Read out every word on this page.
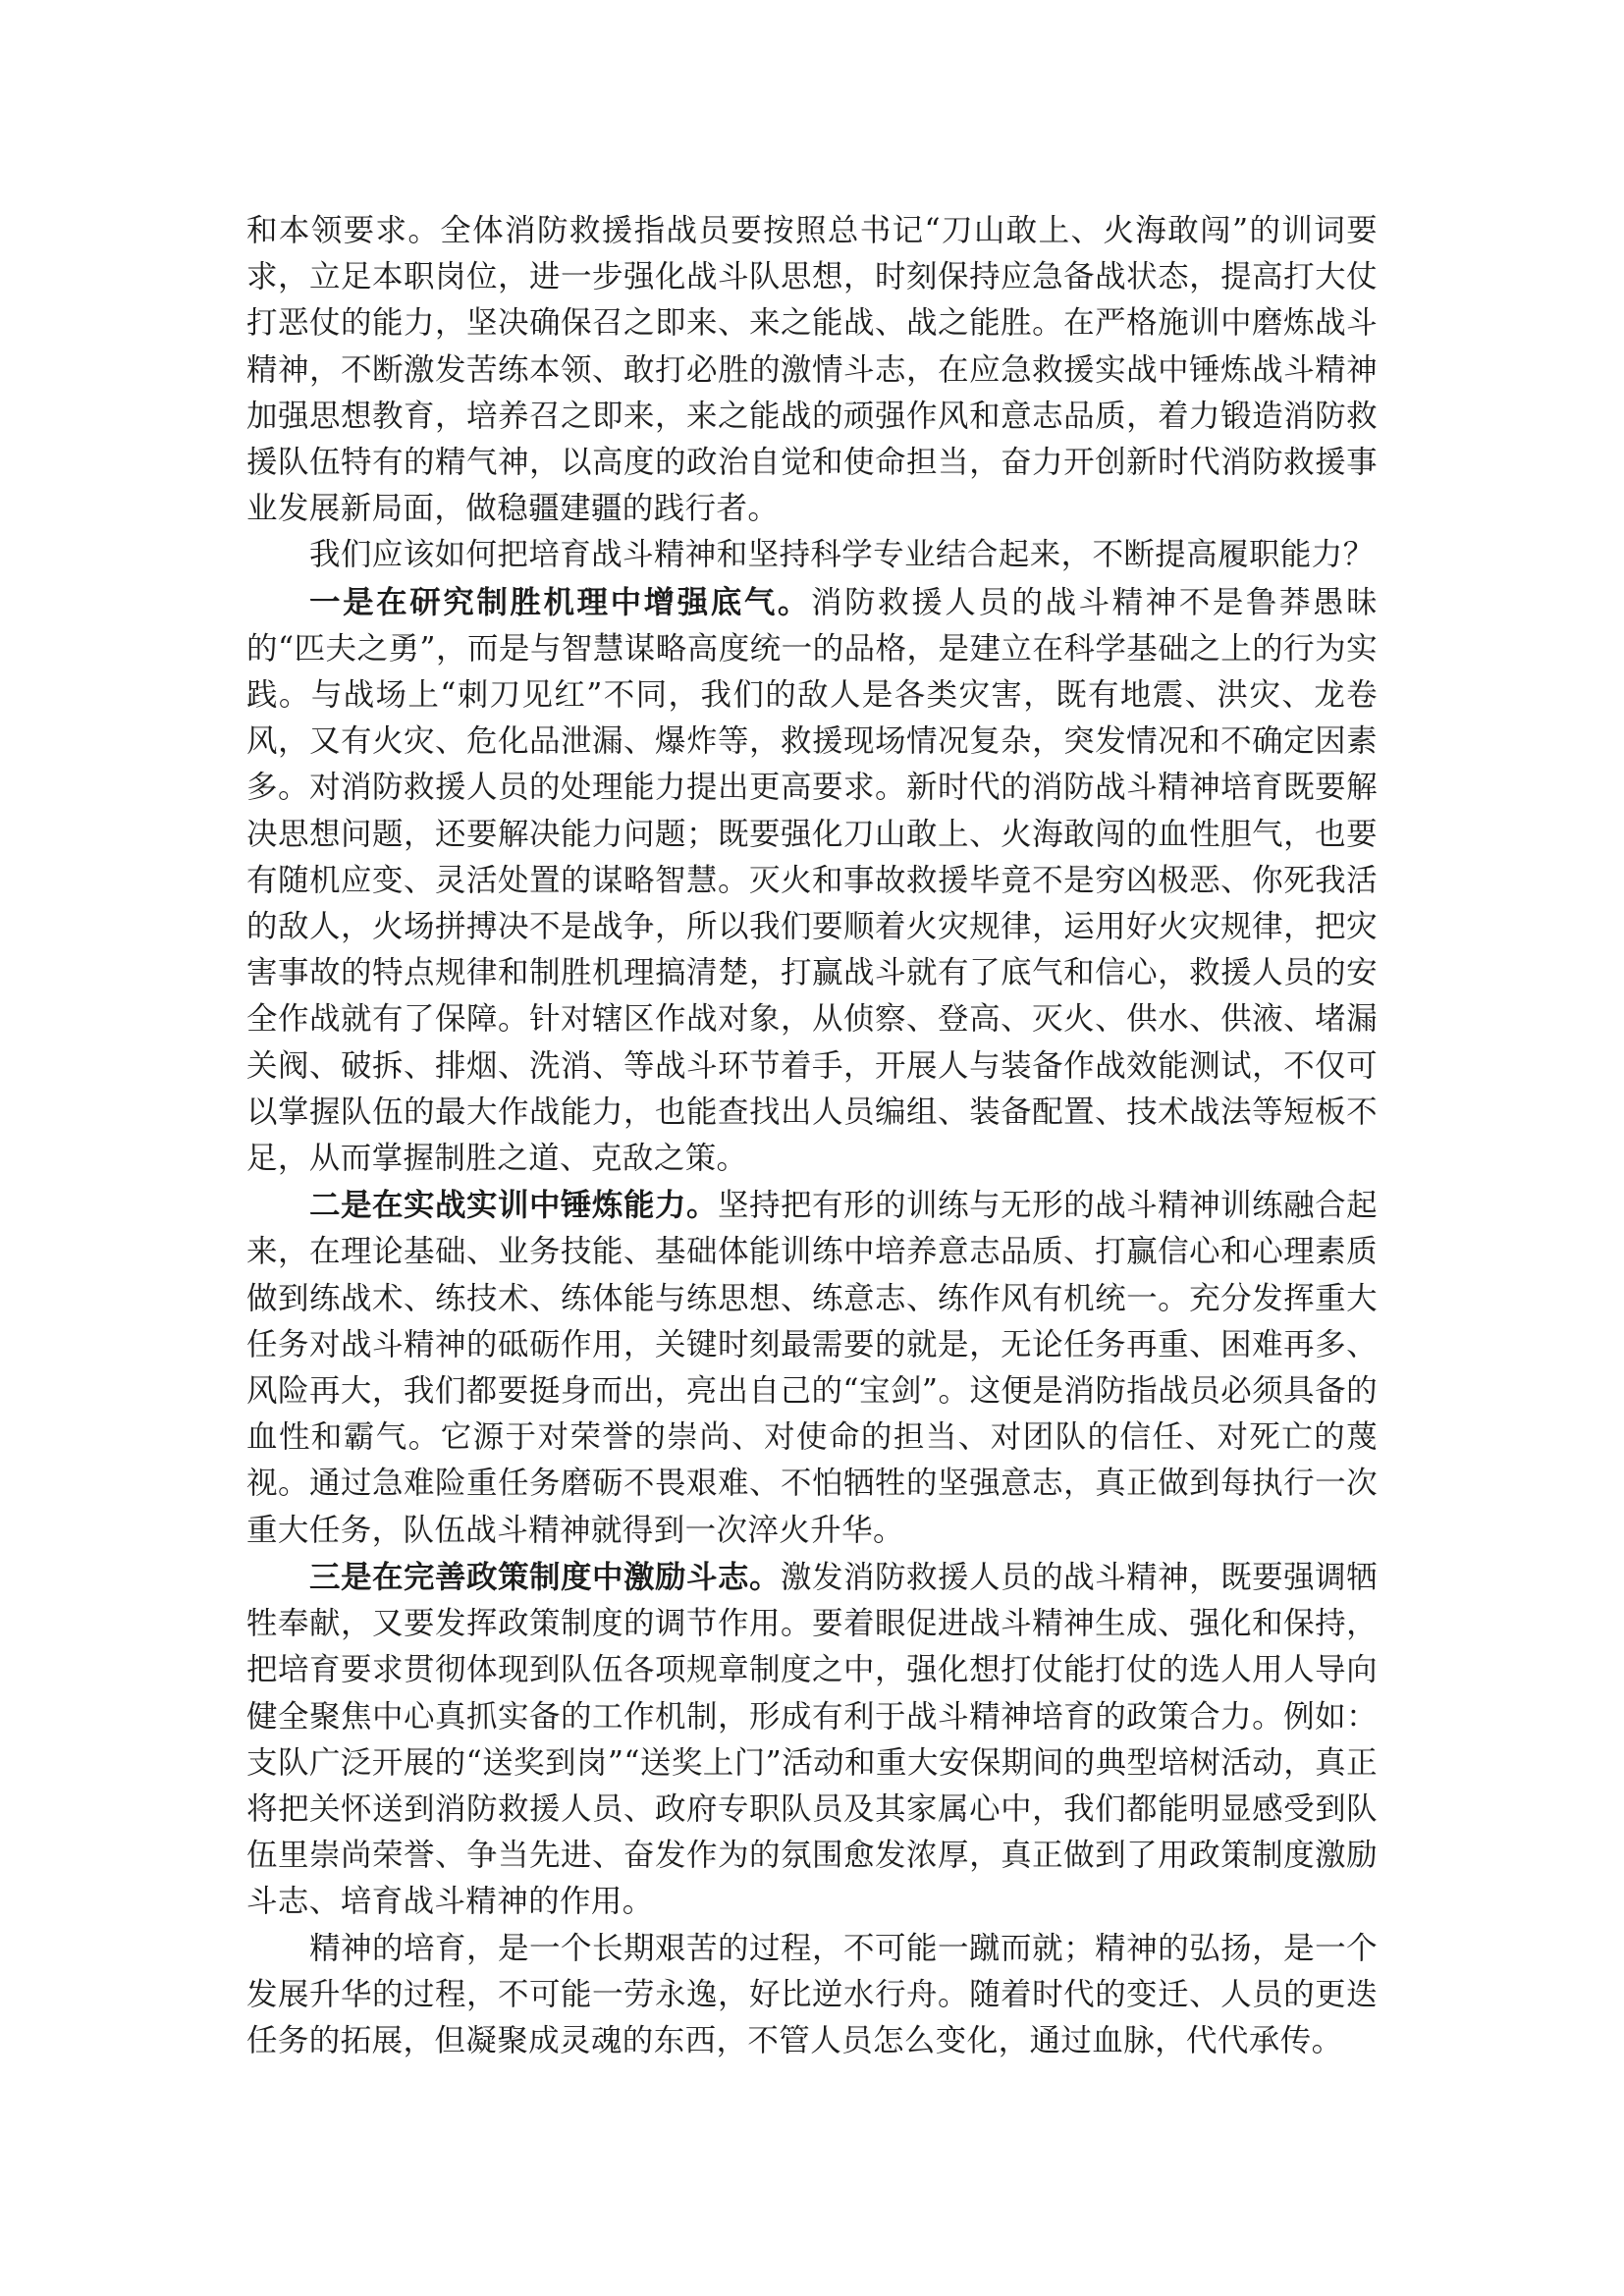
和本领要求。全体消防救援指战员要按照总书记“刀山敢上、火海敢闯”的训词要求，立足本职岗位，进一步强化战斗队思想，时刻保持应急备战状态，提高打大仗打恶仗的能力，坚决确保召之即来、来之能战、战之能胜。在严格施训中磨炼战斗精神，不断激发苦练本领、敢打必胜的激情斗志，在应急救援实战中锤炼战斗精神加强思想教育，培养召之即来，来之能战的顽强作风和意志品质，着力锻造消防救援队伍特有的精气神，以高度的政治自觉和使命担当，奋力开创新时代消防救援事业发展新局面，做稳疆建疆的践行者。

我们应该如何把培育战斗精神和坚持科学专业结合起来，不断提高履职能力？

一是在研究制胜机理中增强底气。消防救援人员的战斗精神不是鲁莽愚昧的“匹夫之勇”，而是与智慧谋略高度统一的品格，是建立在科学基础之上的行为实践。与战场上“刺刀见红”不同，我们的敌人是各类灾害，既有地震、洪灾、龙卷风，又有火灾、危化品泄漏、爆炸等，救援现场情况复杂，突发情况和不确定因素多。对消防救援人员的处理能力提出更高要求。新时代的消防战斗精神培育既要解决思想问题，还要解决能力问题；既要强化刀山敢上、火海敢闯的血性胆气，也要有随机应变、灵活处置的谋略智慧。灭火和事故救援毕竟不是穷凶极恶、你死我活的敌人，火场拼搏决不是战争，所以我们要顺着火灾规律，运用好火灾规律，把灾害事故的特点规律和制胜机理搞清楚，打赢战斗就有了底气和信心，救援人员的安全作战就有了保障。针对辖区作战对象，从侦察、登高、灭火、供水、供液、堵漏关阀、破拆、排烟、洗消、等战斗环节着手，开展人与装备作战效能测试，不仅可以掌握队伍的最大作战能力，也能查找出人员编组、装备配置、技术战法等短板不足，从而掌握制胜之道、克敌之策。

二是在实战实训中锤炼能力。坚持把有形的训练与无形的战斗精神训练融合起来，在理论基础、业务技能、基础体能训练中培养意志品质、打赢信心和心理素质做到练战术、练技术、练体能与练思想、练意志、练作风有机统一。充分发挥重大任务对战斗精神的砥砺作用，关键时刻最需要的就是，无论任务再重、困难再多、风险再大，我们都要挺身而出，亮出自己的“宝剑”。这便是消防指战员必须具备的血性和霸气。它源于对荣誉的崇尚、对使命的担当、对团队的信任、对死亡的蔑视。通过急难险重任务磨砺不畏艰难、不怕牺牲的坚强意志，真正做到每执行一次重大任务，队伍战斗精神就得到一次淬火升华。

三是在完善政策制度中激励斗志。激发消防救援人员的战斗精神，既要强调牺牲奉献，又要发挥政策制度的调节作用。要着眼促进战斗精神生成、强化和保持，把培育要求贯彻体现到队伍各项规章制度之中，强化想打仗能打仗的选人用人导向健全聚焦中心真抓实备的工作机制，形成有利于战斗精神培育的政策合力。例如：支队广泛开展的“送奖到岗”“送奖上门”活动和重大安保期间的典型培树活动，真正将把关怀送到消防救援人员、政府专职队员及其家属心中，我们都能明显感受到队伍里崇尚荣誉、争当先进、奋发作为的氛围愈发浓厚，真正做到了用政策制度激励斗志、培育战斗精神的作用。

精神的培育，是一个长期艰苦的过程，不可能一蹴而就；精神的弘扬，是一个发展升华的过程，不可能一劳永逸，好比逆水行舟。随着时代的变迁、人员的更迭任务的拓展，但凝聚成灵魂的东西，不管人员怎么变化，通过血脉，代代承传。
